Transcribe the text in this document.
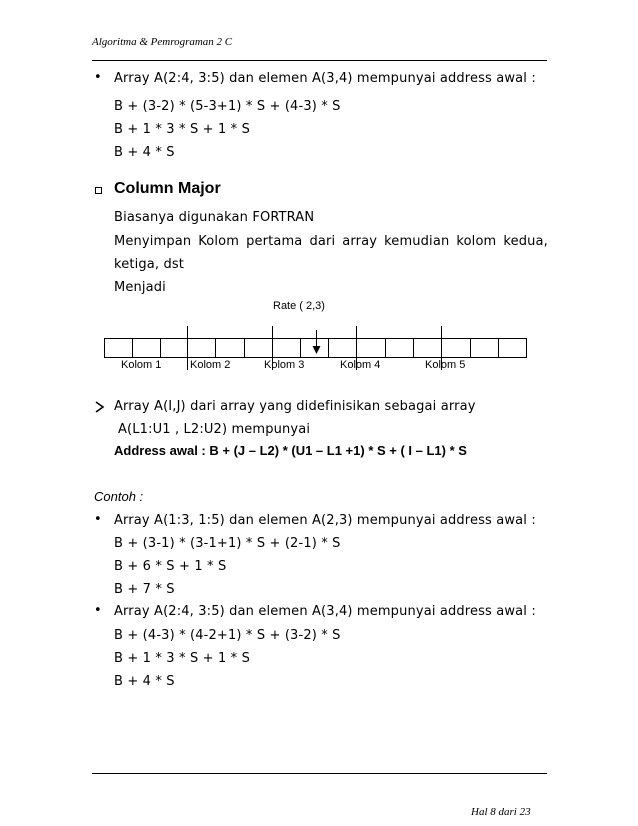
Algoritma & Pemrograman 2 C
• Array A(2:4, 3:5) dan elemen A(3,4) mempunyai address awal :
B + (3-2) * (5-3+1) * S + (4-3) * S
B + 1 * 3 * S + 1 * S
B + 4 * S
Column Major
Biasanya digunakan FORTRAN
Menyimpan Kolom pertama dari array kemudian kolom kedua,
ketiga, dst
Menjadi
Rate ( 2,3)
Kolom 1	Kolom 2	Kolom 3	Kolom 4	Kolom 5
Array A(I,J) dari array yang didefinisikan sebagai array
A(L1:U1 , L2:U2) mempunyai
Address awal : B + (J – L2) * (U1 – L1 +1) * S + ( I – L1) * S
Contoh :
• Array A(1:3, 1:5) dan elemen A(2,3) mempunyai address awal :
B + (3-1) * (3-1+1) * S + (2-1) * S
B + 6 * S + 1 * S
B + 7 * S
• Array A(2:4, 3:5) dan elemen A(3,4) mempunyai address awal :
B + (4-3) * (4-2+1) * S + (3-2) * S
B + 1 * 3 * S + 1 * S
B + 4 * S
Hal 8 dari 23
